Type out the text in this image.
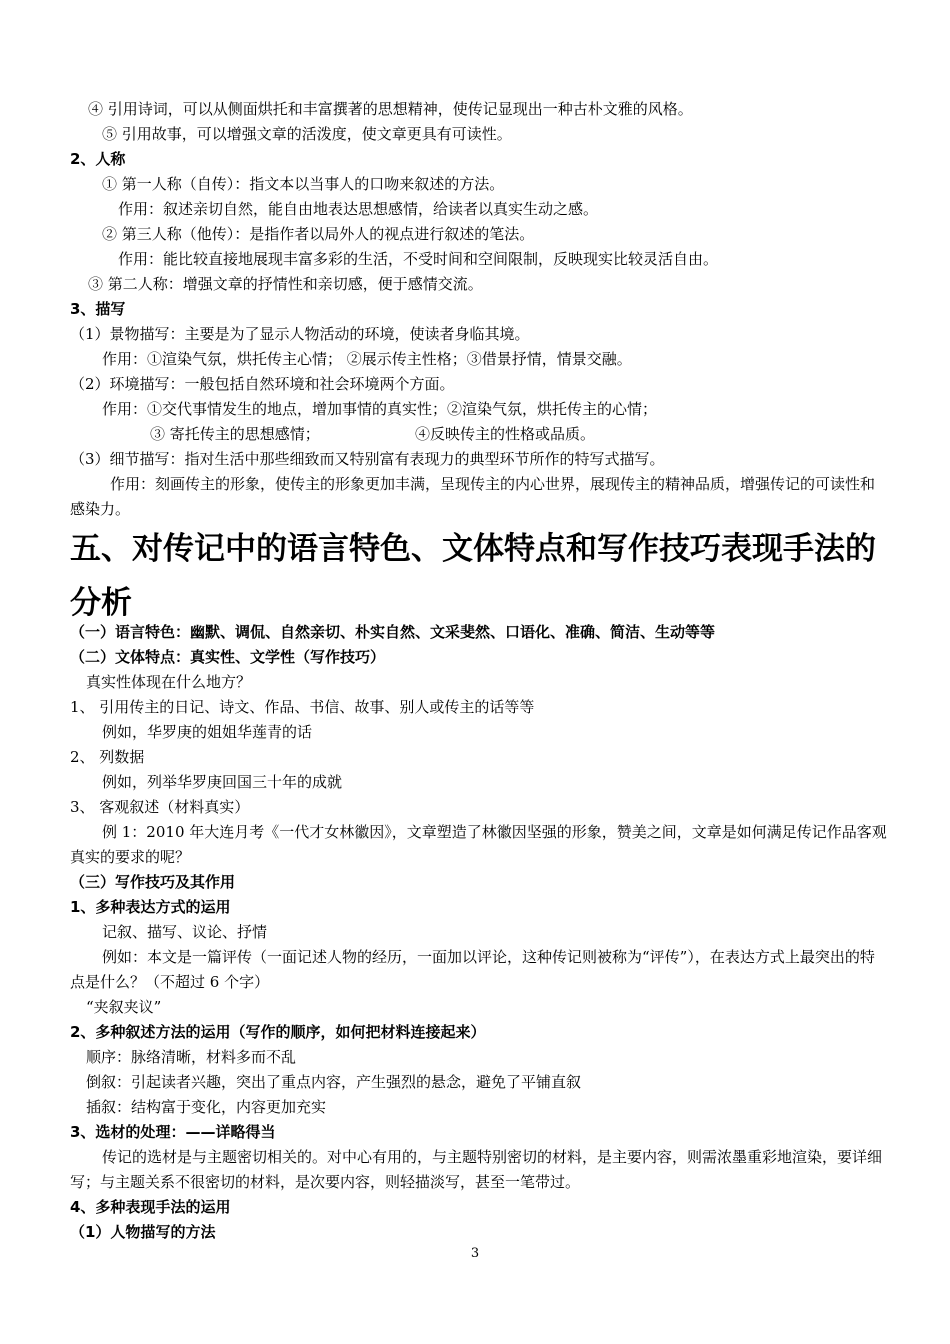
④ 引用诗词，可以从侧面烘托和丰富撰著的思想精神，使传记显现出一种古朴文雅的风格。
⑤ 引用故事，可以增强文章的活泼度，使文章更具有可读性。
2、人称
① 第一人称（自传）：指文本以当事人的口吻来叙述的方法。
作用：叙述亲切自然，能自由地表达思想感情，给读者以真实生动之感。
② 第三人称（他传）：是指作者以局外人的视点进行叙述的笔法。
作用：能比较直接地展现丰富多彩的生活，不受时间和空间限制，反映现实比较灵活自由。
③ 第二人称：增强文章的抒情性和亲切感，便于感情交流。
3、描写
（1）景物描写：主要是为了显示人物活动的环境，使读者身临其境。
作用：①渲染气氛，烘托传主心情； ②展示传主性格；③借景抒情，情景交融。
（2）环境描写：一般包括自然环境和社会环境两个方面。
作用：①交代事情发生的地点，增加事情的真实性；②渲染气氛，烘托传主的心情；
③ 寄托传主的思想感情；	④反映传主的性格或品质。
（3）细节描写：指对生活中那些细致而又特别富有表现力的典型环节所作的特写式描写。
作用：刻画传主的形象，使传主的形象更加丰满，呈现传主的内心世界，展现传主的精神品质，增强传记的可读性和感染力。
五、对传记中的语言特色、文体特点和写作技巧表现手法的分析
（一）语言特色：幽默、调侃、自然亲切、朴实自然、文采斐然、口语化、准确、简洁、生动等等
（二）文体特点：真实性、文学性（写作技巧）
真实性体现在什么地方？
1、 引用传主的日记、诗文、作品、书信、故事、别人或传主的话等等
例如，华罗庚的姐姐华莲青的话
2、 列数据
例如，列举华罗庚回国三十年的成就
3、 客观叙述（材料真实）
例 1：2010 年大连月考《一代才女林徽因》，文章塑造了林徽因坚强的形象，赞美之间，文章是如何满足传记作品客观真实的要求的呢？
（三）写作技巧及其作用
1、多种表达方式的运用
记叙、描写、议论、抒情
例如：本文是一篇评传（一面记述人物的经历，一面加以评论，这种传记则被称为“评传”），在表达方式上最突出的特点是什么？（不超过 6 个字）
“夹叙夹议”
2、多种叙述方法的运用（写作的顺序，如何把材料连接起来）
顺序：脉络清晰，材料多而不乱
倒叙：引起读者兴趣，突出了重点内容，产生强烈的悬念，避免了平铺直叙
插叙：结构富于变化，内容更加充实
3、选材的处理：——详略得当
传记的选材是与主题密切相关的。对中心有用的，与主题特别密切的材料，是主要内容，则需浓墨重彩地渲染，要详细写；与主题关系不很密切的材料，是次要内容，则轻描淡写，甚至一笔带过。
4、多种表现手法的运用
（1）人物描写的方法
3
